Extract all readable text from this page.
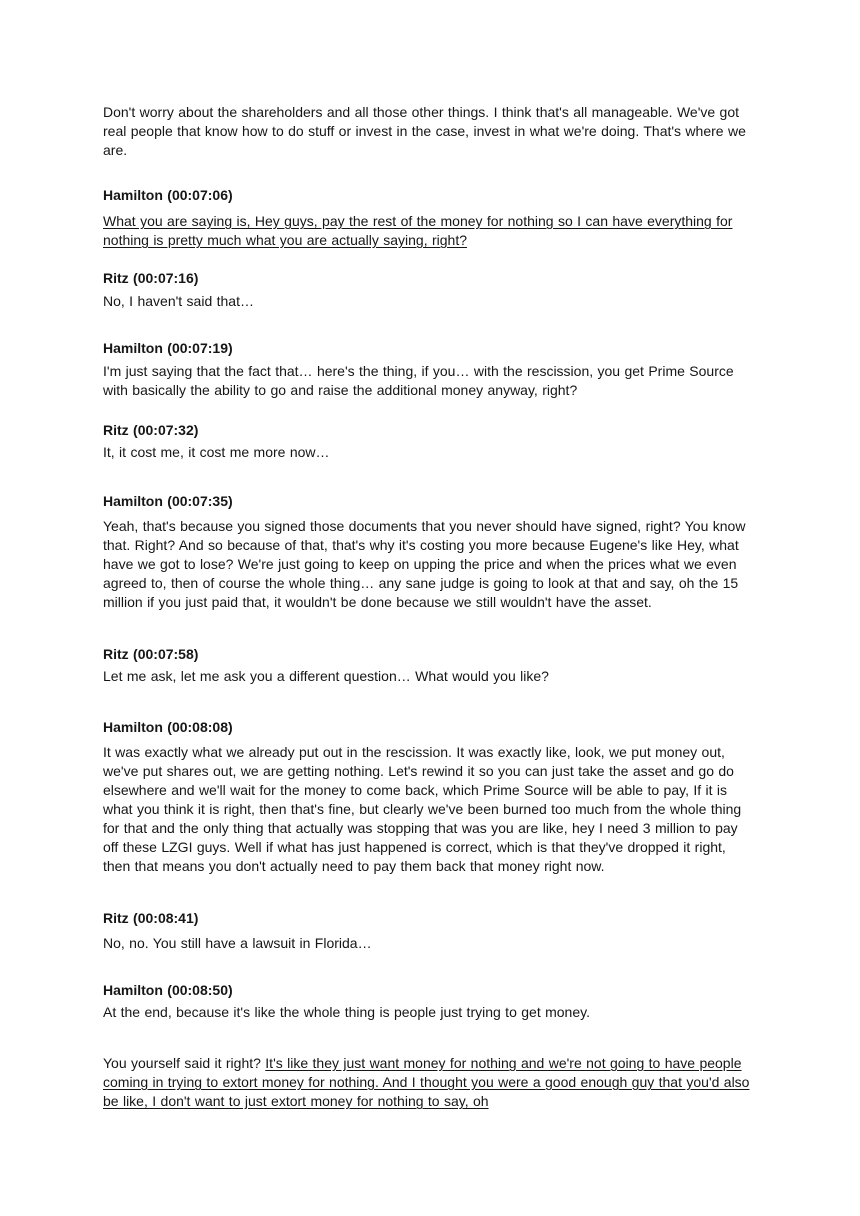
Don't worry about the shareholders and all those other things. I think that's all manageable. We've got real people that know how to do stuff or invest in the case, invest in what we're doing. That's where we are.

Hamilton (00:07:06)

What you are saying is, Hey guys, pay the rest of the money for nothing so I can have everything for nothing is pretty much what you are actually saying, right?

Ritz (00:07:16)

No, I haven't said that…

Hamilton (00:07:19)

I'm just saying that the fact that… here's the thing, if you… with the rescission, you get Prime Source with basically the ability to go and raise the additional money anyway, right?

Ritz (00:07:32)

It, it cost me, it cost me more now…

Hamilton (00:07:35)

Yeah, that's because you signed those documents that you never should have signed, right? You know that. Right? And so because of that, that's why it's costing you more because Eugene's like Hey, what have we got to lose? We're just going to keep on upping the price and when the prices what we even agreed to, then of course the whole thing… any sane judge is going to look at that and say, oh the 15 million if you just paid that, it wouldn't be done because we still wouldn't have the asset.

Ritz (00:07:58)

Let me ask, let me ask you a different question… What would you like?

Hamilton (00:08:08)

It was exactly what we already put out in the rescission. It was exactly like, look, we put money out, we've put shares out, we are getting nothing. Let's rewind it so you can just take the asset and go do elsewhere and we'll wait for the money to come back, which Prime Source will be able to pay, If it is what you think it is right, then that's fine, but clearly we've been burned too much from the whole thing for that and the only thing that actually was stopping that was you are like, hey I need 3 million to pay off these LZGI guys. Well if what has just happened is correct, which is that they've dropped it right, then that means you don't actually need to pay them back that money right now.

Ritz (00:08:41)

No, no. You still have a lawsuit in Florida…

Hamilton (00:08:50)

At the end, because it's like the whole thing is people just trying to get money.

You yourself said it right? It's like they just want money for nothing and we're not going to have people coming in trying to extort money for nothing. And I thought you were a good enough guy that you'd also be like, I don't want to just extort money for nothing to say, oh
